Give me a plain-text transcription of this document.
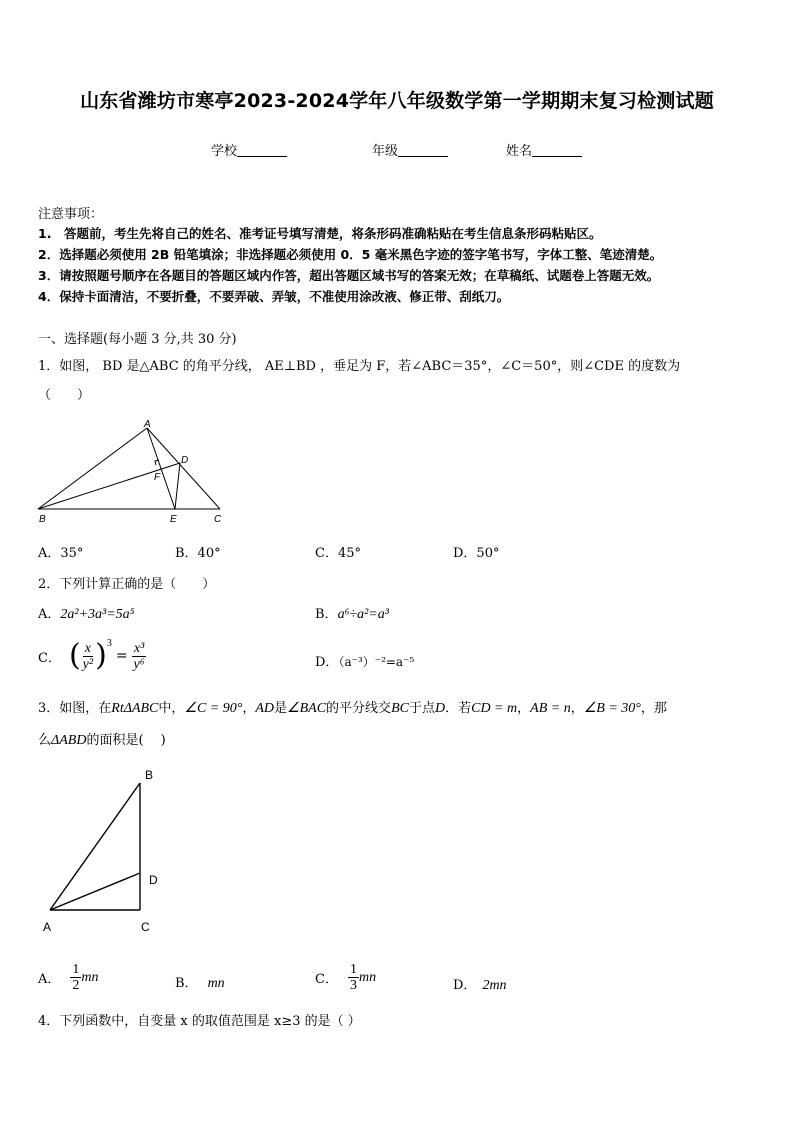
山东省潍坊市寒亭2023-2024学年八年级数学第一学期期末复习检测试题
学校	年级	姓名
注意事项：
1.　答题前，考生先将自己的姓名、准考证号填写清楚，将条形码准确粘贴在考生信息条形码粘贴区。
2．选择题必须使用 2B 铅笔填涂；非选择题必须使用 0．5 毫米黑色字迹的签字笔书写，字体工整、笔迹清楚。
3．请按照题号顺序在各题目的答题区域内作答，超出答题区域书写的答案无效；在草稿纸、试题卷上答题无效。
4．保持卡面清洁，不要折叠，不要弄破、弄皱，不准使用涂改液、修正带、刮纸刀。
一、选择题(每小题 3 分,共 30 分)
1．如图， BD 是△ABC 的角平分线， AE⊥BD ，垂足为 F，若∠ABC＝35°，∠C＝50°，则∠CDE 的度数为
（　　）
A
B	C
D
E
F
A．35°	B．40°	C．45°	D．50°
2．下列计算正确的是（　　）
A．2a²+3a³=5a⁵	B．a⁶÷a²=a³
C． ( $\frac{x}{\text{y²}}$ ) 3
= $\frac{\text{x³}}{\text{y⁶}}$	D．（a⁻³）⁻²=a⁻⁵
3．如图，在RtΔABC中，∠C = 90°，AD是∠BAC的平分线交BC于点D．若CD = m，AB = n，∠B = 30°，那
么ΔABD的面积是(　 )
B
D
A	C
A． $\frac{1}{2}$ mn	B． mn	C． $\frac{1}{3}$ mn
D． 2mn
4．下列函数中，自变量 x 的取值范围是 x≥3 的是（ ）
